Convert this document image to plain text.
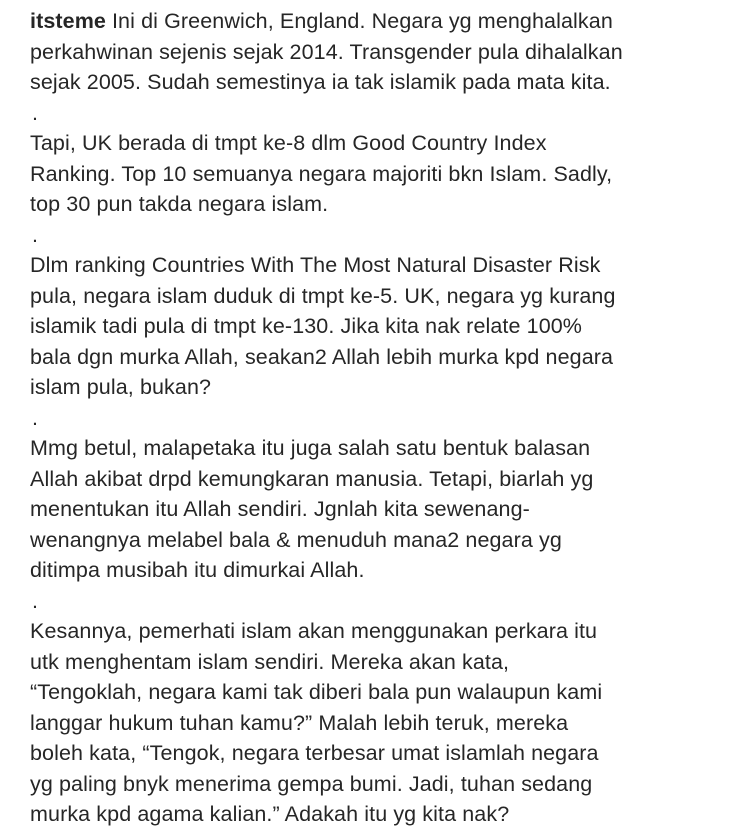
itsteme Ini di Greenwich, England. Negara yg menghalalkan
perkahwinan sejenis sejak 2014. Transgender pula dihalalkan
sejak 2005. Sudah semestinya ia tak islamik pada mata kita.
.
Tapi, UK berada di tmpt ke-8 dlm Good Country Index
Ranking. Top 10 semuanya negara majoriti bkn Islam. Sadly,
top 30 pun takda negara islam.
.
Dlm ranking Countries With The Most Natural Disaster Risk
pula, negara islam duduk di tmpt ke-5. UK, negara yg kurang
islamik tadi pula di tmpt ke-130. Jika kita nak relate 100%
bala dgn murka Allah, seakan2 Allah lebih murka kpd negara
islam pula, bukan?
.
Mmg betul, malapetaka itu juga salah satu bentuk balasan
Allah akibat drpd kemungkaran manusia. Tetapi, biarlah yg
menentukan itu Allah sendiri. Jgnlah kita sewenang-
wenangnya melabel bala & menuduh mana2 negara yg
ditimpa musibah itu dimurkai Allah.
.
Kesannya, pemerhati islam akan menggunakan perkara itu
utk menghentam islam sendiri. Mereka akan kata,
“Tengoklah, negara kami tak diberi bala pun walaupun kami
langgar hukum tuhan kamu?” Malah lebih teruk, mereka
boleh kata, “Tengok, negara terbesar umat islamlah negara
yg paling bnyk menerima gempa bumi. Jadi, tuhan sedang
murka kpd agama kalian.” Adakah itu yg kita nak?
